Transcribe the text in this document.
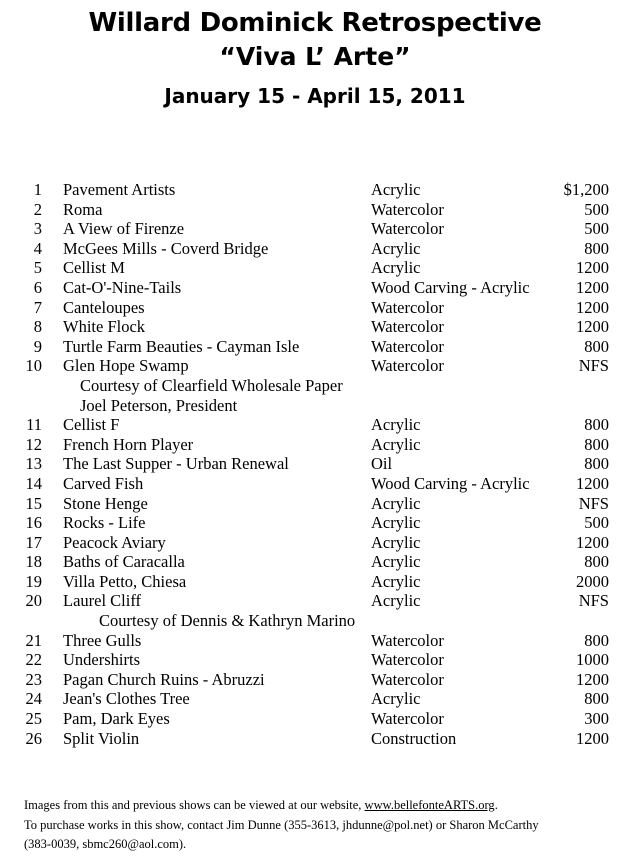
Willard Dominick Retrospective
“Viva L’ Arte”
January 15 - April 15, 2011
1 Pavement Artists	Acrylic	$1,200
2 Roma	Watercolor	500
3 A View of Firenze	Watercolor	500
4 McGees Mills - Coverd Bridge	Acrylic	800
5 Cellist M	Acrylic	1200
6 Cat-O'-Nine-Tails	Wood Carving - Acrylic	1200
7 Canteloupes	Watercolor	1200
8 White Flock	Watercolor	1200
9 Turtle Farm Beauties - Cayman Isle	Watercolor	800
10 Glen Hope Swamp	Watercolor	NFS
Courtesy of Clearfield Wholesale Paper
Joel Peterson, President
11 Cellist F	Acrylic	800
12 French Horn Player	Acrylic	800
13 The Last Supper - Urban Renewal	Oil	800
14 Carved Fish	Wood Carving - Acrylic	1200
15 Stone Henge	Acrylic	NFS
16 Rocks - Life	Acrylic	500
17 Peacock Aviary	Acrylic	1200
18 Baths of Caracalla	Acrylic	800
19 Villa Petto, Chiesa	Acrylic	2000
20 Laurel Cliff	Acrylic	NFS
Courtesy of Dennis & Kathryn Marino
21 Three Gulls	Watercolor	800
22 Undershirts	Watercolor	1000
23 Pagan Church Ruins - Abruzzi	Watercolor	1200
24 Jean's Clothes Tree	Acrylic	800
25 Pam, Dark Eyes	Watercolor	300
26 Split Violin	Construction	1200

Images from this and previous shows can be viewed at our website, www.bellefonteARTS.org.

To purchase works in this show, contact Jim Dunne (355-3613, jhdunne@pol.net) or Sharon McCarthy

(383-0039, sbmc260@aol.com).
